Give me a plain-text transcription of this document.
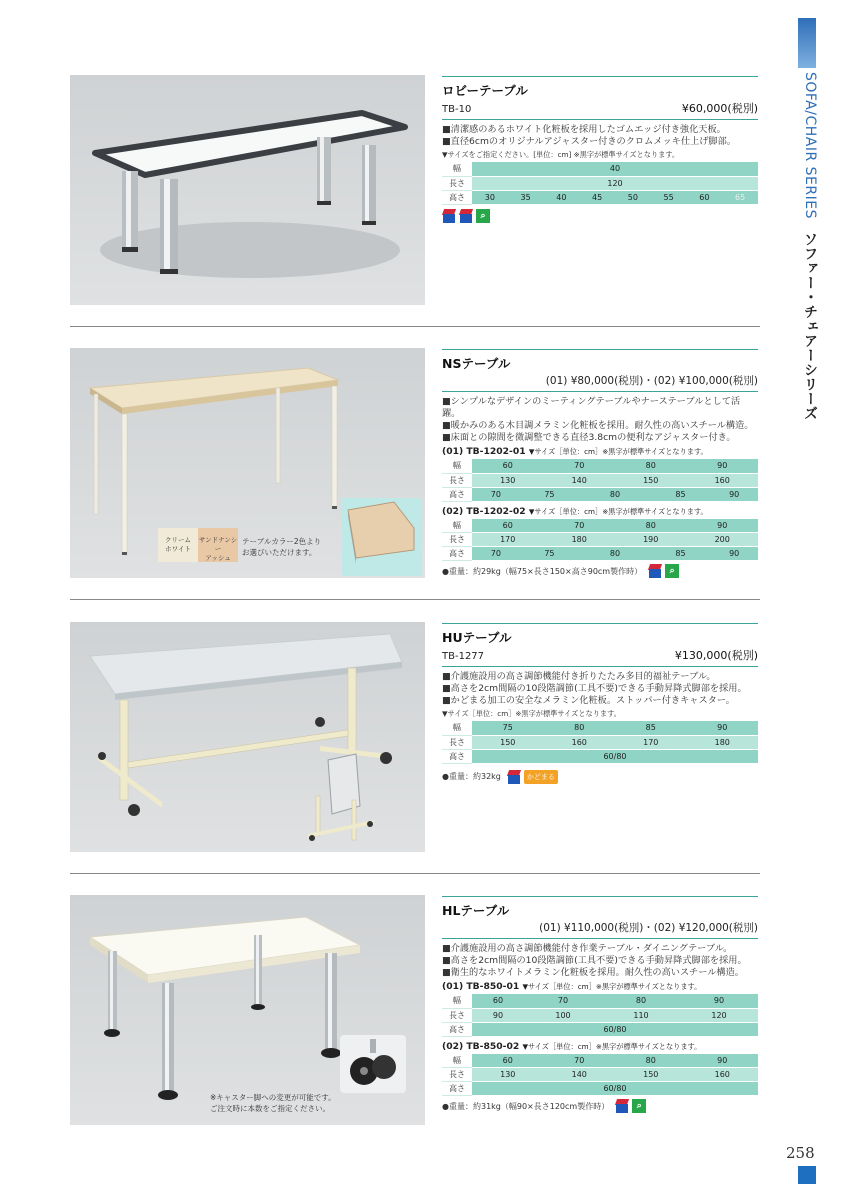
SOFA/CHAIR SERIES ソファー・チェアーシリーズ
258
ロビーテーブル
TB-10	¥60,000(税別)
■清潔感のあるホワイト化粧板を採用したゴムエッジ付き強化天板。
■直径6cmのオリジナルアジャスター付きのクロムメッキ仕上げ脚部。
▼サイズをご指定ください。[単位：cm] ※黒字が標準サイズとなります。
幅	40							
長さ	120							
高さ	30	35	40	45	50	55	60	65
⌕
クリーム
ホワイト
サンドナンシー
アッシュ
テーブルカラー2色より
お選びいただけます。
NSテーブル
(01) ¥80,000(税別)・(02) ¥100,000(税別)
■シンプルなデザインのミーティングテーブルやナーステーブルとして活躍。
■暖かみのある木目調メラミン化粧板を採用。耐久性の高いスチール構造。
■床面との隙間を微調整できる直径3.8cmの便利なアジャスター付き。
(01) TB-1202-01 ▼サイズ［単位：cm］※黒字が標準サイズとなります。
幅	60		70		80		90	
長さ	130		140		150		160	
高さ	70	75		80		85		90
(02) TB-1202-02 ▼サイズ［単位：cm］※黒字が標準サイズとなります。
幅	60		70		80		90	
長さ	170		180		190		200	
高さ	70	75		80		85		90
●重量：約29kg（幅75×長さ150×高さ90cm製作時）	⌕
HUテーブル
TB-1277	¥130,000(税別)
■介護施設用の高さ調節機能付き折りたたみ多目的福祉テーブル。
■高さを2cm間隔の10段階調節(工具不要)できる手動昇降式脚部を採用。
■かどまる加工の安全なメラミン化粧板。ストッパー付きキャスター。
▼サイズ［単位：cm］※黒字が標準サイズとなります。
幅	75	80	85	90
長さ	150	160	170	180
高さ	60/80			
●重量：約32kg	かどまる
※キャスター脚への変更が可能です。
ご注文時に本数をご指定ください。
HLテーブル
(01) ¥110,000(税別)・(02) ¥120,000(税別)
■介護施設用の高さ調節機能付き作業テーブル・ダイニングテーブル。
■高さを2cm間隔の10段階調節(工具不要)できる手動昇降式脚部を採用。
■衛生的なホワイトメラミン化粧板を採用。耐久性の高いスチール構造。
(01) TB-850-01 ▼サイズ［単位：cm］※黒字が標準サイズとなります。
幅	60	70	80	90
長さ	90	100	110	120
高さ	60/80			
(02) TB-850-02 ▼サイズ［単位：cm］※黒字が標準サイズとなります。
幅	60	70	80	90
長さ	130	140	150	160
高さ	60/80			
●重量：約31kg（幅90×長さ120cm製作時）	⌕
